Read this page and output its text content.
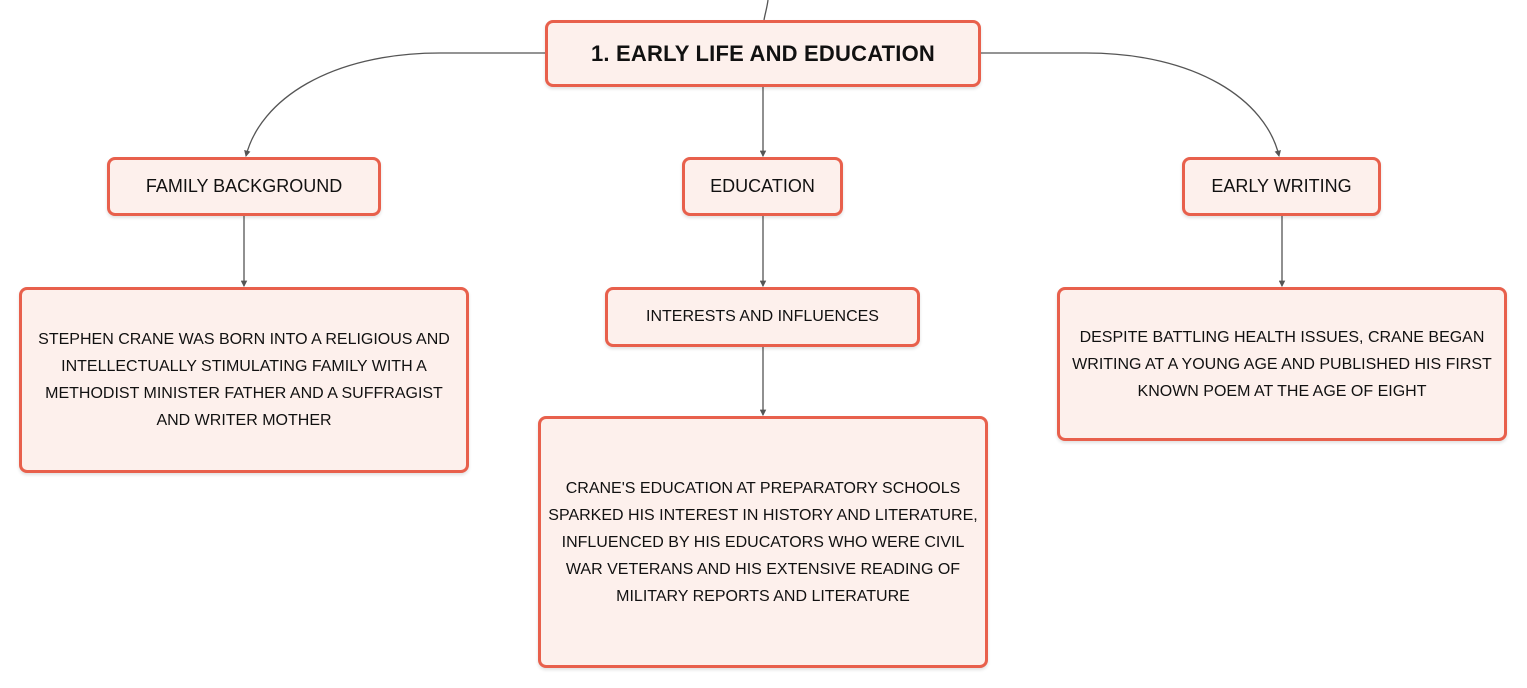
1. EARLY LIFE AND EDUCATION
FAMILY BACKGROUND	EDUCATION	EARLY WRITING
INTERESTS AND INFLUENCES
STEPHEN CRANE WAS BORN INTO A RELIGIOUS AND INTELLECTUALLY STIMULATING FAMILY WITH A METHODIST MINISTER FATHER AND A SUFFRAGIST AND WRITER MOTHER
CRANE'S EDUCATION AT PREPARATORY SCHOOLS SPARKED HIS INTEREST IN HISTORY AND LITERATURE, INFLUENCED BY HIS EDUCATORS WHO WERE CIVIL WAR VETERANS AND HIS EXTENSIVE READING OF MILITARY REPORTS AND LITERATURE
DESPITE BATTLING HEALTH ISSUES, CRANE BEGAN WRITING AT A YOUNG AGE AND PUBLISHED HIS FIRST KNOWN POEM AT THE AGE OF EIGHT
